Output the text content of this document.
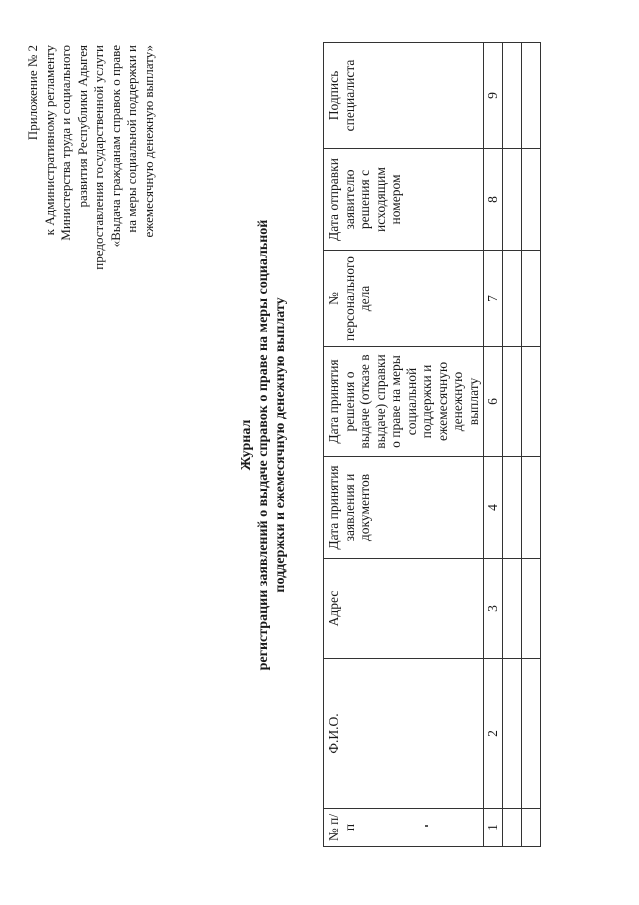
Приложение № 2 к Административному регламенту Министерства труда и социального развития Республики Адыгея предоставления государственной услуги «Выдача гражданам справок о праве на меры социальной поддержки и ежемесячную денежную выплату»
Журнал регистрации заявлений о выдаче справок о праве на меры социальной поддержки и ежемесячную денежную выплату
№ п/п	Ф.И.О.	Адрес	Дата принятия заявления и документов	Дата принятия решения о выдаче (отказе в выдаче) справки о праве на меры социальной поддержки и ежемесячную денежную выплату	№ персонального дела	Дата отправки заявителю решения с исходящим номером	Подпись специалиста
1	2	3	4	6	7	8	9
